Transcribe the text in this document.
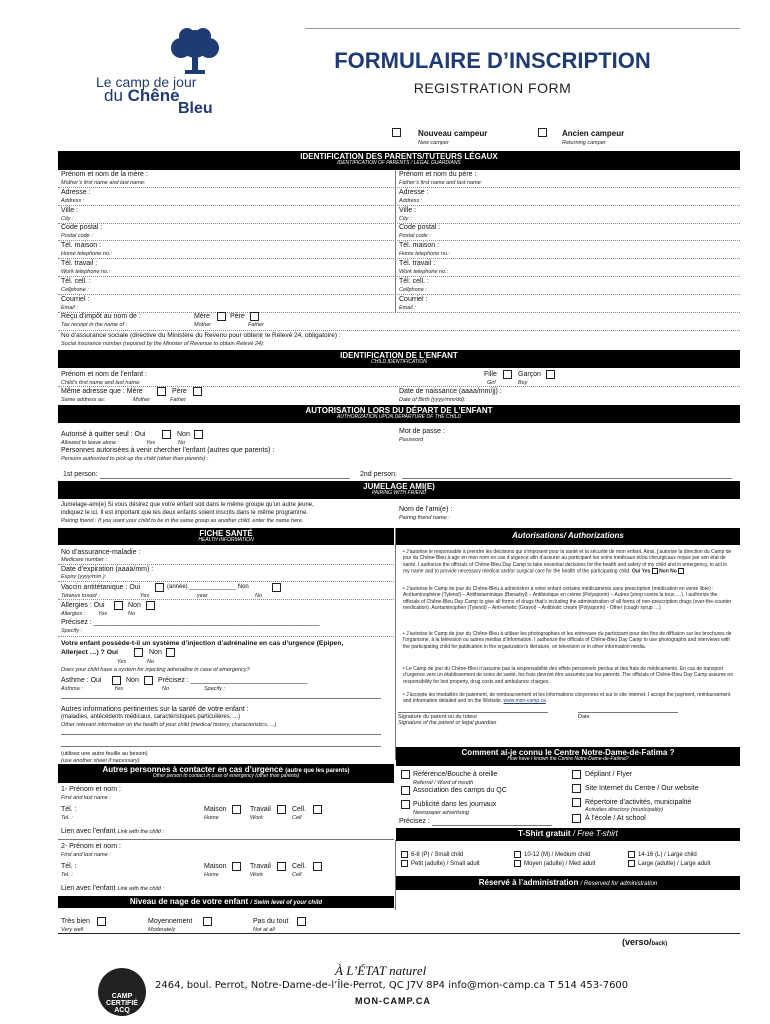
Le camp de jour
du Chêne
Bleu
FORMULAIRE D’INSCRIPTION
REGISTRATION FORM
Nouveau campeur
New camper
Ancien campeur
Returning camper
IDENTIFICATION DES PARENTS/TUTEURS LÉGAUX
IDENTIFICATION OF PARENTS / LEGAL GUARDIANS
Prénom et nom de la mère :
Mother’s first name and last name:
Prénom et nom du père :
Father’s first name and last name:
Adresse :
Address :
Adresse :
Address :
Ville :
City :
Ville :
City :
Code postal :
Postal code :
Code postal :
Postal code :
Tél. maison :
Home telephone no.:
Tél. maison :
Home telephone no.:
Tél. travail :
Work telephone no.:
Tél. travail :
Work telephone no.:
Tél. cell. :
Cellphone :
Tél. cell. :
Cellphone :
Courriel :
Email :
Courriel :
Email :
Reçu d’impôt au nom de :
Tax receipt in the name of :
Mère	Père
Mother	Father
No d’assurance sociale (directive du Ministère du Revenu pour obtenir le Relevé 24, obligatoire) :
Social insurance number (required by the Minister of Revenue to obtain Relevé 24):
IDENTIFICATION DE L’ENFANT
CHILD IDENTIFICATION
Prénom et nom de l’enfant :
Child’s first name and last name:
Fille	Garçon
Girl	Boy
Même adresse que : Mère	Père
Same address as:	Mother	Father
Date de naissance (aaaa/mm/jj) :
Date of Birth (yyyy/mm/dd):
AUTORISATION LORS DU DÉPART DE L’ENFANT
AUTHORIZATION UPON DEPARTURE OF THE CHILD
Autorisé à quitter seul : Oui	Non
Allowed to leave alone :	Yes	No
Mot de passe :
Password
Personnes autorisées à venir chercher l’enfant (autres que parents) :
Persons authorized to pick up the child (other than parents) :
1st person:	2nd person:
JUMELAGE AMI(E)
PAIRING WITH FRIEND
Jumelage-ami(e) Si vous désirez que votre enfant soit dans le même groupe qu’un autre jeune,
indiquez le ici. Il est important que les deux enfants soient inscrits dans le même programme.
Pairing friend : If you want your child to be in the same group as another child, enter the name here.
Nom de l’ami(e) :
Pairing friend name :
FICHE SANTÉ
HEALTH INFORMATION
No d’assurance-maladie :
Medicare number :
Date d’expiration (aaaa/mm) :
Expiry (yyyy/mm ):
Vaccin antitétanique : Oui	(année) ______________ Non
Tetanus toxoid :	Yes	year	No
Allergies : Oui	Non
Allergies : Yes	No
Précisez : __________________________________________________________
Specify :
Votre enfant possède-t-il un système d’injection d’adrénaline en cas d’urgence (Epipen,
Allerject …) ? Oui	Non
Yes	No
Does your child have a system for injecting adrenaline in case of emergency?
Asthme : Oui	Non	Précisez : ______________________________
Asthma :	Yes	No	Specify :
Autres informations pertinentes sur la santé de votre enfant :
(maladies, antécédents médicaux, caractéristiques particulières, ...)
Other relevant information on the health of your child (medical history, characteristics, ...)
(utilisez une autre feuille au besoin)
(use another sheet if necessary)
Autorisations/ Authorizations
• J’autorise le responsable à prendre les décisions qui s’imposent pour la santé et la sécurité de mon enfant. Ainsi, j’autorise la direction du Camp de jour du Chêne-Bleu à agir en mon nom en cas d’urgence afin d’assurer au participant les soins médicaux et/ou chirurgicaux requis par son état de santé. I authorize the officials of Chêne-Bleu Day Camp to take essential decisions for the health and safety of my child and in emergency, to act in my name and to provide necessary medical and/or surgical care for the health of the participating child. Oui Yes Non No
• J’autorise le Camp de jour du Chêne-Bleu à administrer à votre enfant certains médicaments sans prescription (médication en vente libre) : Acétaminophène (Tylenol) – Antihistaminique (Benadryl) – Antibiotique en crème (Polysporin) – Autres (sirop contre la toux, ...). I authorize the officials of Chêne-Bleu Day Camp to give all forms of drugs that’s including the administration of all forms of non-prescription drugs (over-the-counter medication). Acetaminophen (Tylenol) – Anti-emetic (Gravol) – Antibiotic cream (Polysporin) - Other (cough syrup …)
• J’autorise le Camp de jour du Chêne-Bleu à utiliser les photographies et les entrevues du participant pour des fins de diffusion sur les brochures de l’organisme, à la télévision ou autres médias d’information. I authorize the officials of Chêne-Bleu Day Camp to use photographs and interviews with the participating child for publication in the organization’s literature, on television or in other information media.
• Le Camp de jour du Chêne-Bleu n’assume pas la responsabilité des effets personnels perdus et des frais de médicaments. En cas de transport d’urgence vers un établissement de soins de santé, les frais devront être assumés par les parents. The officials of Chêne-Bleu Day Camp assume no responsibility for lost property, drug costs and ambulance charges.
• J’accepte les modalités de paiement, de remboursement et les informations citoyennes et sur le site internet. I accept the payment, reimbursement and information detailed and on the Website. www.mon-camp.ca
Signature du parent ou du tuteur
Signature of the parent or legal guardian
Date
Autres personnes à contacter en cas d’urgence (autre que les parents)
Other person to contact in case of emergency (other than parents)
1- Prénom et nom :
First and last name :
Tél. :
Tel. :
Maison
Home
Travail
Work
Cell.
Cell
Lien avec l’enfant Link with the child :
2- Prénom et nom :
First and last name :
Tél. :
Tel. :
Maison
Home
Travail
Work
Cell.
Cell
Lien avec l’enfant Link with the child :
Comment ai-je connu le Centre Notre-Dame-de-Fatima ?
How have I known the Centre Notre-Dame-de-Fatima?
Référence/Bouche à oreille
Referral / Word of mouth
Association des camps du QC
Publicité dans les journaux
Newspaper advertising
Précisez :
Dépliant / Flyer
Site Internet du Centre / Our website
Répertoire d’activités, municipalité
Activities directory (municipality)
À l’école / At school
T-Shirt gratuit / Free T-shirt
6-8 (P) / Small child
Petit (adulte) / Small adult
10-12 (M) / Medium child
Moyen (adulte) / Med adult
14-16 (L) / Large child
Large (adulte) / Large adult
Réservé à l’administration / Reserved for administration
Niveau de nage de votre enfant / Swim level of your child
Très bien	Moyennement	Pas du tout
Very well	Moderately	Not at all
(verso/back)
CAMP CERTIFIÉ ACQ
À L’ÉTAT naturel
2464, boul. Perrot, Notre-Dame-de-l’Île-Perrot, QC J7V 8P4 info@mon-camp.ca T 514 453-7600
MON-CAMP.CA
